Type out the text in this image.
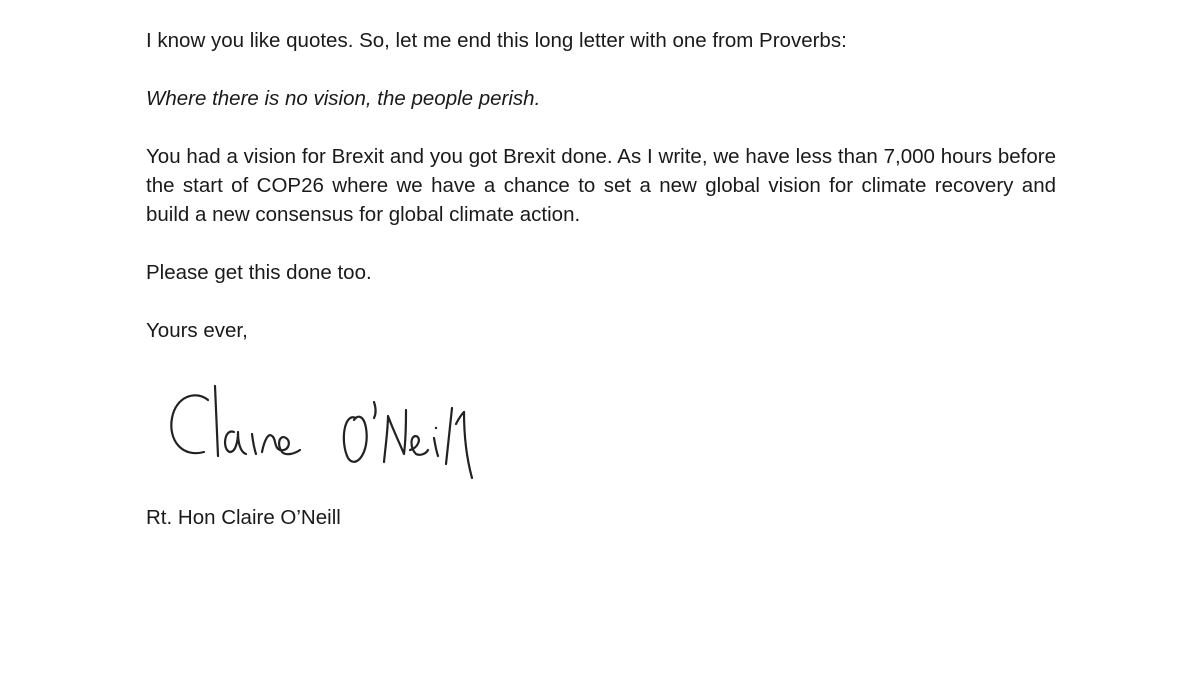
I know you like quotes. So, let me end this long letter with one from Proverbs:

Where there is no vision, the people perish.

You had a vision for Brexit and you got Brexit done. As I write, we have less than 7,000 hours before the start of COP26 where we have a chance to set a new global vision for climate recovery and build a new consensus for global climate action.

Please get this done too.

Yours ever,

Rt. Hon Claire O’Neill
